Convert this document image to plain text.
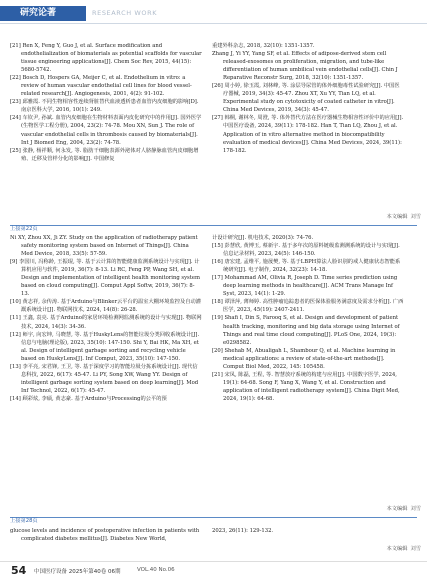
研究论著	RESEARCH WORK

[21] Ren X, Feng Y, Guo J, et al. Surface modification and endothelialization of biomaterials as potential scaffolds for vascular tissue engineering applications[J]. Chem Soc Rev, 2015, 44(15): 5680-5742.

[22] Bosch D, Hospers GA, Meijer C, et al. Endothelium in vitro: a review of human vascular endothelial cell lines for blood vessel-related research[J]. Angiogenesis, 2001, 4(2): 91-102.

[23] 邱雅霞. 不同生物相容性连续肾脏替代血液透析患者血管内皮细胞的影响[D]. 南京医科大学, 2016, 10(1): 249.

[24] 车钦尹, 孙斌. 血管内皮细胞在生物材料表面内皮化研究中的作用[J]. 国外医学(生物医学工程分册), 2004, 23(2): 74-78. Mou XN, Sun J. The role of vascular endothelial cells in thrombosis caused by biomaterials[J]. Int J Biomed Eng, 2004, 23(2): 74-78.

[25] 张静, 杨祥顺, 何永发, 等. 脂肪干细胞表源外泌体对人脐静脉血管内皮细胞增殖、迁移及管样分化的影响[J]. 中国修复

重建外科杂志, 2018, 32(10): 1351-1357.

Zhang J, Yi YY, Yang SF, et al. Effects of adipose-derived stem cell released-exosomes on proliferation, migration, and tube-like differentiation of human umbilical vein endothelial cells[J]. Chin J Reparative Reconstr Surg, 2018, 32(10): 1351-1357.

[26] 周小婷, 徐玉霞, 刘林峰, 等. 涂层导尿管的体外细胞毒性试验研究[J]. 中国医疗器械, 2019, 34(3): 45-47. Zhou XT, Xu YY, Tian LQ, et al. Experimental study on cytotoxicity of coated catheter in vitro[J]. China Med Devices, 2019, 34(3): 45-47.

[27] 韩桐, 谢林冬, 周澄, 等. 体外替代方法在医疗器械生物相容性评价中的应用[J]. 中国医疗设备, 2024, 39(11): 178-182. Han T, Tian LQ, Zhou J, et al. Application of in vitro alternative method in biocompatibility evaluation of medical devices[J]. China Med Devices, 2024, 39(11): 178-182.

本文编辑 刘雪
上接第22页

Ni XY, Zhou XX, Ji ZY. Study on the application of radiotherapy patient safety monitoring system based on Internet of Things[J]. China Med Device, 2018, 33(5): 57-59.

[9] 李国川, 冯称龄, 王振琨, 等. 基于云计算的智能健康监测系统设计与实现[J]. 计算机应用与软件, 2019, 36(7): 8-13. Li RC, Feng PP, Wang SH, et al. Design and implementation of intelligent health monitoring system based on cloud computing[J]. Comput Appl Softw, 2019, 36(7): 8-13.

[10] 黄志祥, 余传涛. 基于Arduino与Blinker云平台的温室大棚环境监控及自动灌溉系统设计[J]. 物联网技术, 2024, 14(8): 26-28.

[11] 王鑫, 袁亮. 基于Arduino的家居环境检测网监测系统的设计与实现[J]. 物联网技术, 2024, 14(3): 34-36.

[12] 师宇, 向宏坤, 马晓慧, 等. 基于HuskyLens的智能垃圾分类回收系统设计[J]. 信息与电脑(理论版), 2023, 35(10): 147-150. Shi Y, Bai HK, Ma XH, et al. Design of intelligent garbage sorting and recycling vehicle based on HuskyLens[J]. Inf Comput, 2023, 35(10): 147-150.

[13] 李平亮, 宋君锋, 王卫, 等. 基于深度学习的智能垃圾分拣系统设计[J]. 现代信息科技, 2022, 6(17): 45-47. Li PY, Song XW, Wang YY. Design of intelligent garbage sorting system based on deep learning[J]. Mod Inf Technol, 2022, 6(17): 45-47.

[14] 顾彩炫, 李硕, 黄志豪. 基于Arduino与Processing的公平的预

计设计研究[J]. 机电技术, 2020(3): 74-76.

[15] 彭慧欣, 黄博玉, 蔡新宇. 基于多年次的原料链级监测测系统的设计与实现[J]. 信息记录材料, 2023, 24(5): 146-150.

[16] 唐宏建, 孟维平, 施晟樊, 等. 基于LBPH算法人脸识别的戒人健康状态智能系统研究[J]. 电子制作, 2024, 32(23): 14-18.

[17] Mohammad AM, Olivia R, Joseph D. Time series prediction using deep learning methods in healthcare[J]. ACM Trans Manage Inf Syst, 2023, 14(1): 1-29.

[18] 谭泽萍, 薄师婷. 高性肿瘤追踪患者的医保体验服务满意度及需求分析[J]. 广西医学, 2023, 45(19): 2407-2411.

[19] Shafi I, Din S, Farooq S, et al. Design and development of patient health tracking, monitoring and big data storage using Internet of Things and real time cloud computing[J]. PLoS One, 2024, 19(3): e0298582.

[20] Shehab M, Abualigah L, Shambour Q, et al. Machine learning in medical applications: a review of state-of-the-art methods[J]. Comput Biol Med, 2022, 145: 105458.

[21] 宋凤, 陈磊, 王程, 等. 智慧放疗系统的构建与应用[J]. 中国数字医学, 2024, 19(1): 64-68. Song F, Yang X, Wang Y, et al. Construction and application of intelligent radiotherapy system[J]. China Digit Med, 2024, 19(1): 64-68.

本文编辑 刘雪
上接第28页

glucose levels and incidence of postoperative infection in patients with complicated diabetes mellitus[J]. Diabetes New World,

2023, 26(11): 129-132.

本文编辑 刘雪
54 中国医疗设备 2025年第40卷 06期	VOL.40 No.06
